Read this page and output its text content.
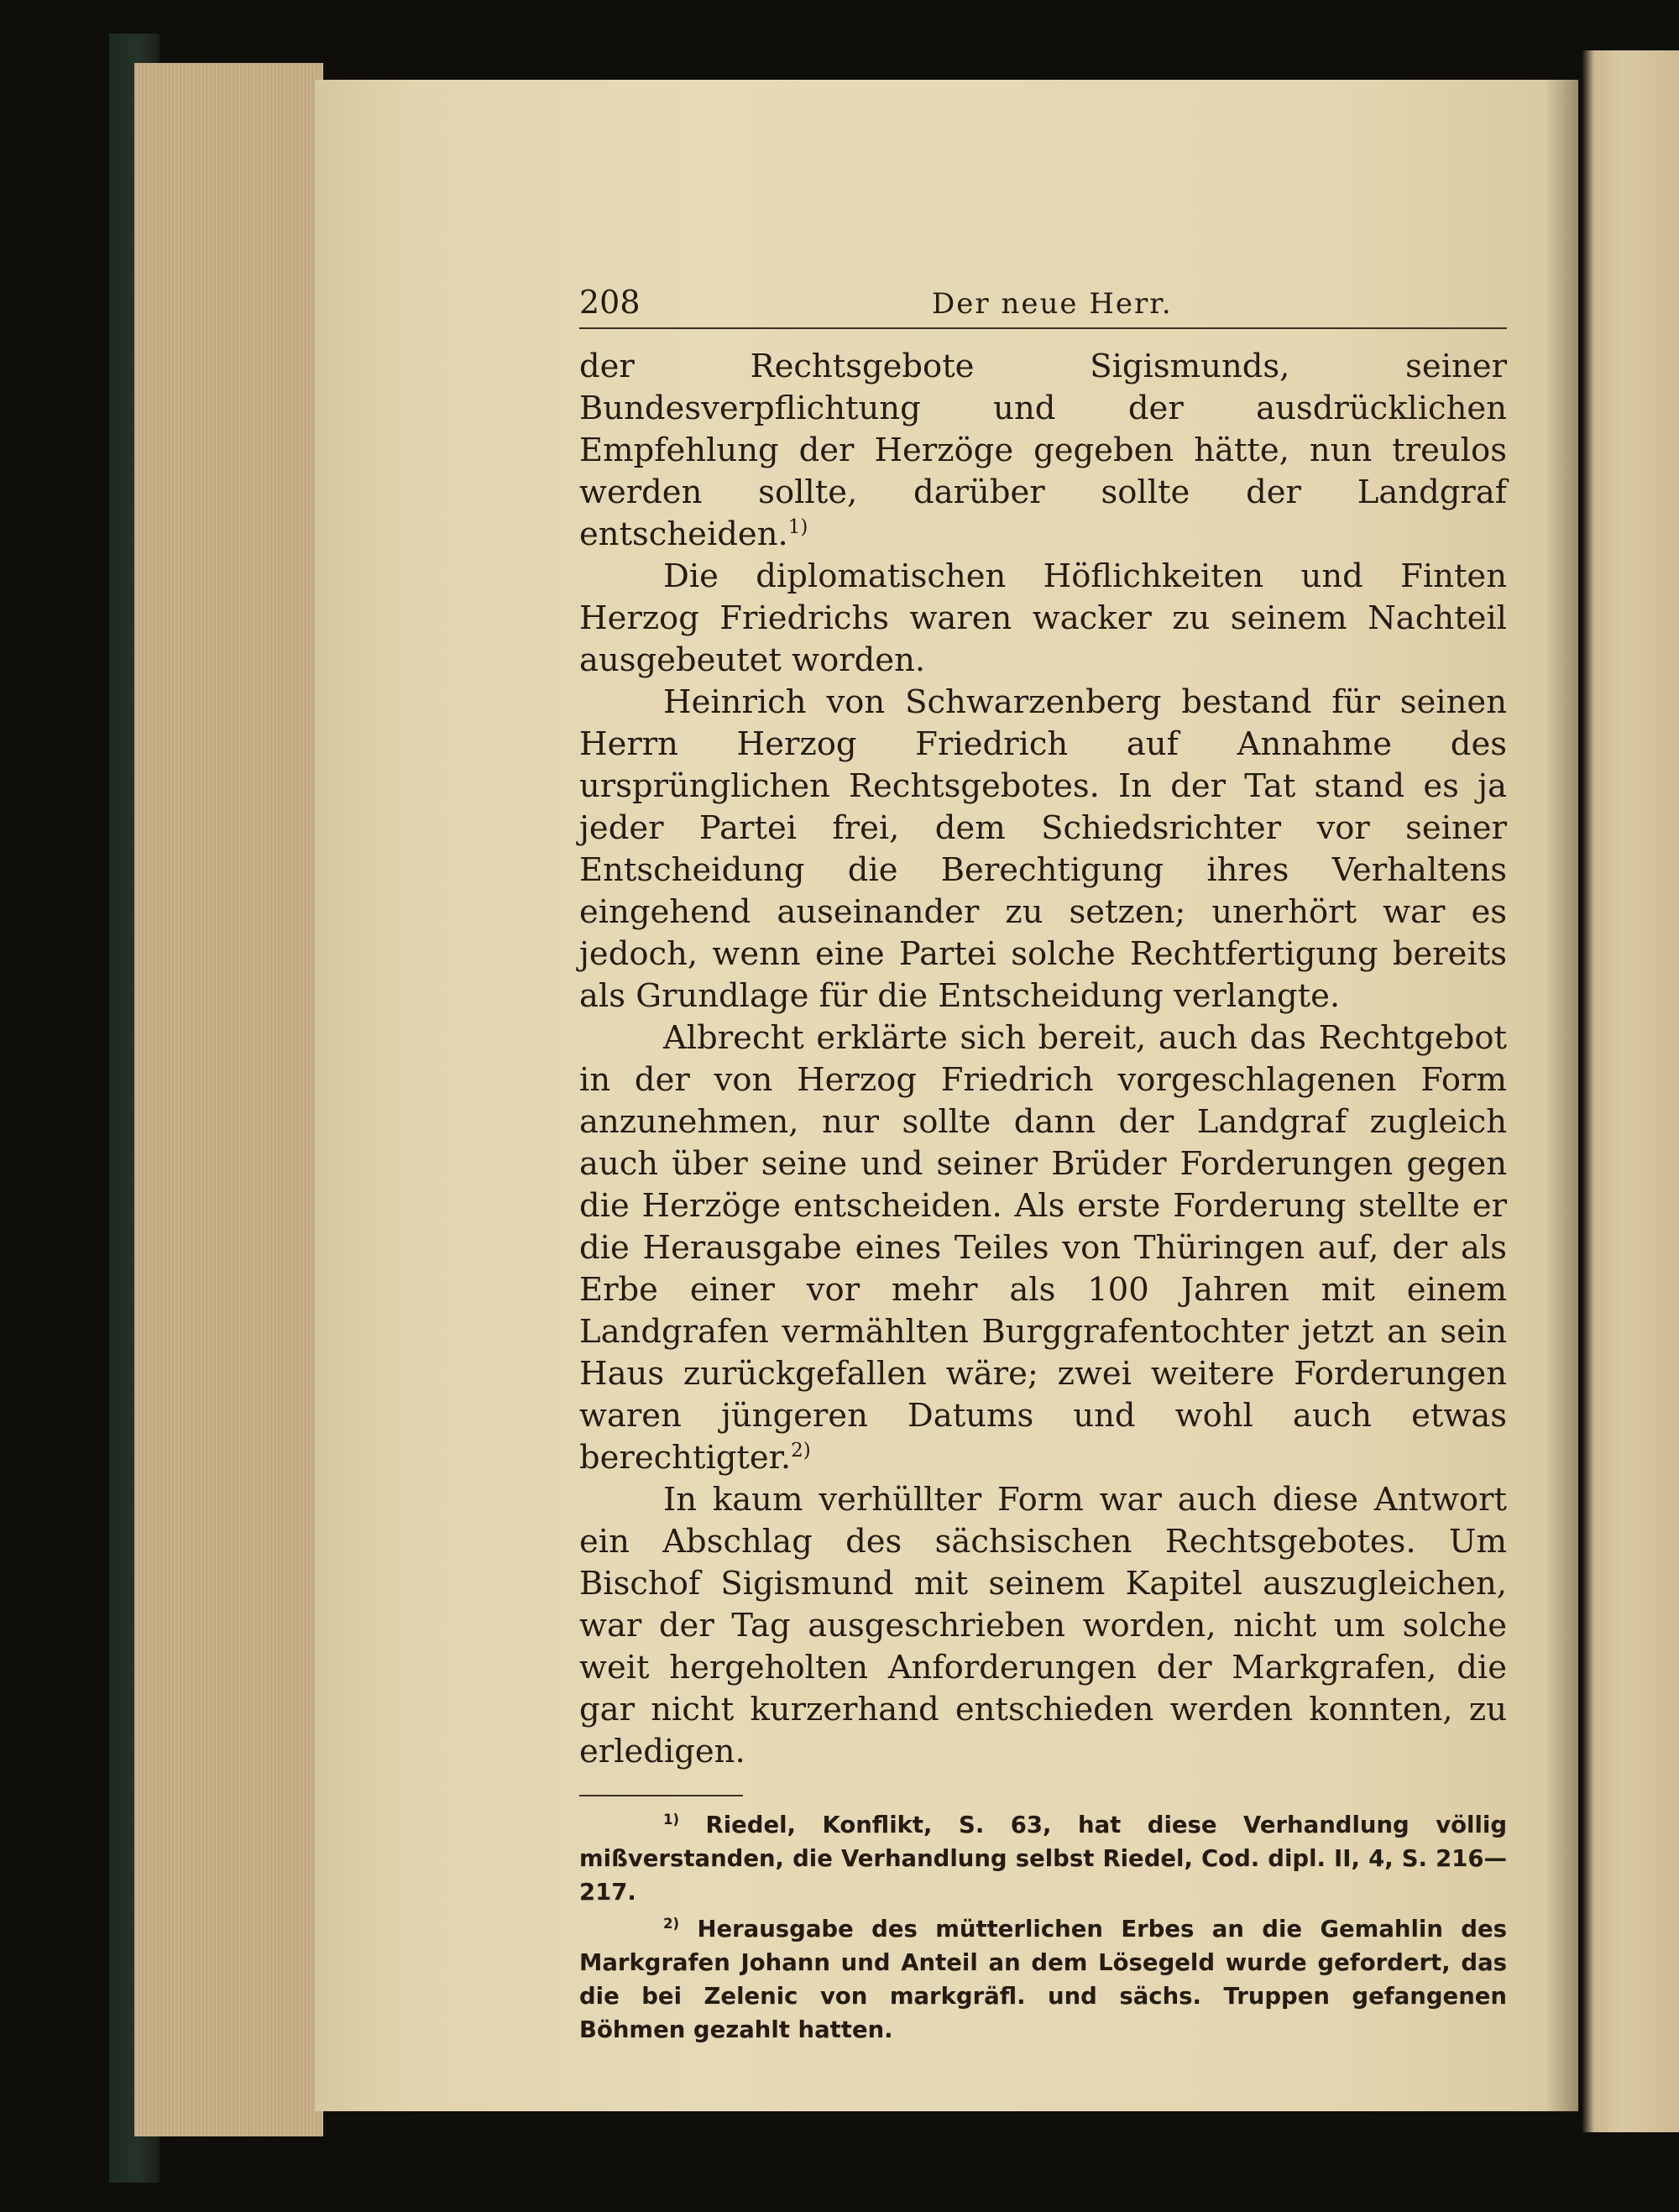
208	Der neue Herr.

der Rechtsgebote Sigismunds, seiner Bundesverpflichtung und der ausdrücklichen Empfehlung der Herzöge gegeben hätte, nun treulos werden sollte, darüber sollte der Landgraf entscheiden.$^{1)}$

Die diplomatischen Höflichkeiten und Finten Herzog Friedrichs waren wacker zu seinem Nachteil ausgebeutet worden.

Heinrich von Schwarzenberg bestand für seinen Herrn Herzog Friedrich auf Annahme des ursprünglichen Rechtsgebotes. In der Tat stand es ja jeder Partei frei, dem Schiedsrichter vor seiner Entscheidung die Berechtigung ihres Verhaltens eingehend auseinander zu setzen; unerhört war es jedoch, wenn eine Partei solche Rechtfertigung bereits als Grundlage für die Entscheidung verlangte.

Albrecht erklärte sich bereit, auch das Rechtgebot in der von Herzog Friedrich vorgeschlagenen Form anzunehmen, nur sollte dann der Landgraf zugleich auch über seine und seiner Brüder Forderungen gegen die Herzöge entscheiden. Als erste Forderung stellte er die Herausgabe eines Teiles von Thüringen auf, der als Erbe einer vor mehr als 100 Jahren mit einem Landgrafen vermählten Burggrafentochter jetzt an sein Haus zurückgefallen wäre; zwei weitere Forderungen waren jüngeren Datums und wohl auch etwas berechtigter.$^{2)}$

In kaum verhüllter Form war auch diese Antwort ein Abschlag des sächsischen Rechtsgebotes. Um Bischof Sigismund mit seinem Kapitel auszugleichen, war der Tag ausgeschrieben worden, nicht um solche weit hergeholten Anforderungen der Markgrafen, die gar nicht kurzerhand entschieden werden konnten, zu erledigen.

$^{1)}$ Riedel, Konflikt, S. 63, hat diese Verhandlung völlig mißverstanden, die Verhandlung selbst Riedel, Cod. dipl. II, 4, S. 216—217.

$^{2)}$ Herausgabe des mütterlichen Erbes an die Gemahlin des Markgrafen Johann und Anteil an dem Lösegeld wurde gefordert, das die bei Zelenic von markgräfl. und sächs. Truppen gefangenen Böhmen gezahlt hatten.
